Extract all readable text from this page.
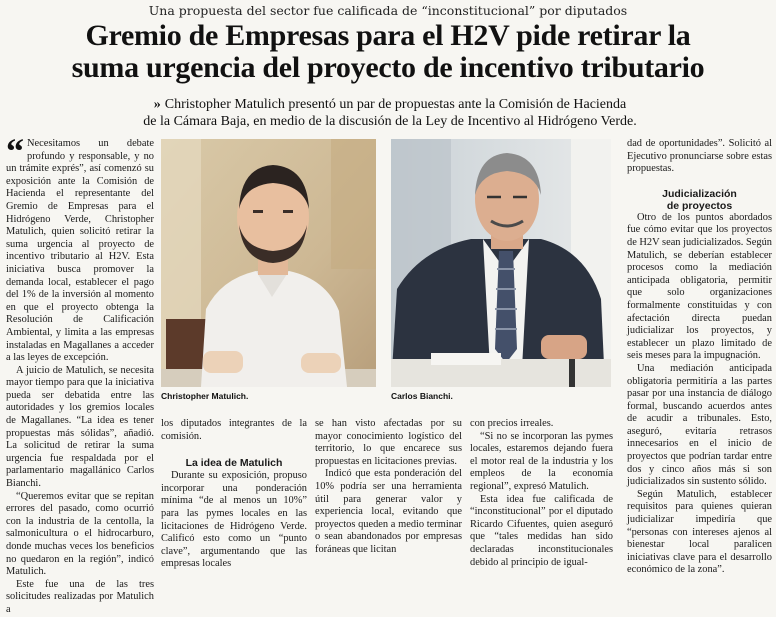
Una propuesta del sector fue calificada de “inconstitucional” por diputados
Gremio de Empresas para el H2V pide retirar la
suma urgencia del proyecto de incentivo tributario
» Christopher Matulich presentó un par de propuestas ante la Comisión de Hacienda
de la Cámara Baja, en medio de la discusión de la Ley de Incentivo al Hidrógeno Verde.

“ Necesitamos un debate profundo y responsable, y no un trámite exprés”, así comenzó su exposición ante la Comisión de Hacienda el representante del Gremio de Empresas para el Hidrógeno Verde, Christopher Matulich, quien solicitó retirar la suma urgencia al proyecto de incentivo tributario al H2V. Esta iniciativa busca promover la demanda local, establecer el pago del 1% de la inversión al momento en que el proyecto obtenga la Resolución de Calificación Ambiental, y limita a las empresas instaladas en Magallanes a acceder a las leyes de excepción.

A juicio de Matulich, se necesita mayor tiempo para que la iniciativa pueda ser debatida entre las autoridades y los gremios locales de Magallanes. “La idea es tener propuestas más sólidas”, añadió. La solicitud de retirar la suma urgencia fue respaldada por el parlamentario magallánico Carlos Bianchi.

“Queremos evitar que se repitan errores del pasado, como ocurrió con la industria de la centolla, la salmonicultura o el hidrocarburo, donde muchas veces los beneficios no quedaron en la región”, indicó Matulich.

Este fue una de las tres solicitudes realizadas por Matulich a

Christopher Matulich.	Carlos Bianchi.

los diputados integrantes de la comisión.

La idea de Matulich

Durante su exposición, propuso incorporar una ponderación mínima “de al menos un 10%” para las pymes locales en las licitaciones de Hidrógeno Verde. Calificó esto como un “punto clave”, argumentando que las empresas locales

se han visto afectadas por su mayor conocimiento logístico del territorio, lo que encarece sus propuestas en licitaciones previas.

Indicó que esta ponderación del 10% podría ser una herramienta útil para generar valor y experiencia local, evitando que proyectos queden a medio terminar o sean abandonados por empresas foráneas que licitan

con precios irreales.

“Si no se incorporan las pymes locales, estaremos dejando fuera el motor real de la industria y los empleos de la economía regional”, expresó Matulich.

Esta idea fue calificada de “inconstitucional” por el diputado Ricardo Cifuentes, quien aseguró que “tales medidas han sido declaradas inconstitucionales debido al principio de igual-

dad de oportunidades”. Solicitó al Ejecutivo pronunciarse sobre estas propuestas.

Judicialización
de proyectos

Otro de los puntos abordados fue cómo evitar que los proyectos de H2V sean judicializados. Según Matulich, se deberían establecer procesos como la mediación anticipada obligatoria, permitir que solo organizaciones formalmente constituidas y con afectación directa puedan judicializar los proyectos, y establecer un plazo limitado de seis meses para la impugnación.

Una mediación anticipada obligatoria permitiría a las partes pasar por una instancia de diálogo formal, buscando acuerdos antes de acudir a tribunales. Esto, aseguró, evitaría retrasos innecesarios en el inicio de proyectos que podrían tardar entre dos y cinco años más si son judicializados sin sustento sólido.

Según Matulich, establecer requisitos para quienes quieran judicializar impediría que “personas con intereses ajenos al bienestar local paralicen iniciativas clave para el desarrollo económico de la zona”.
